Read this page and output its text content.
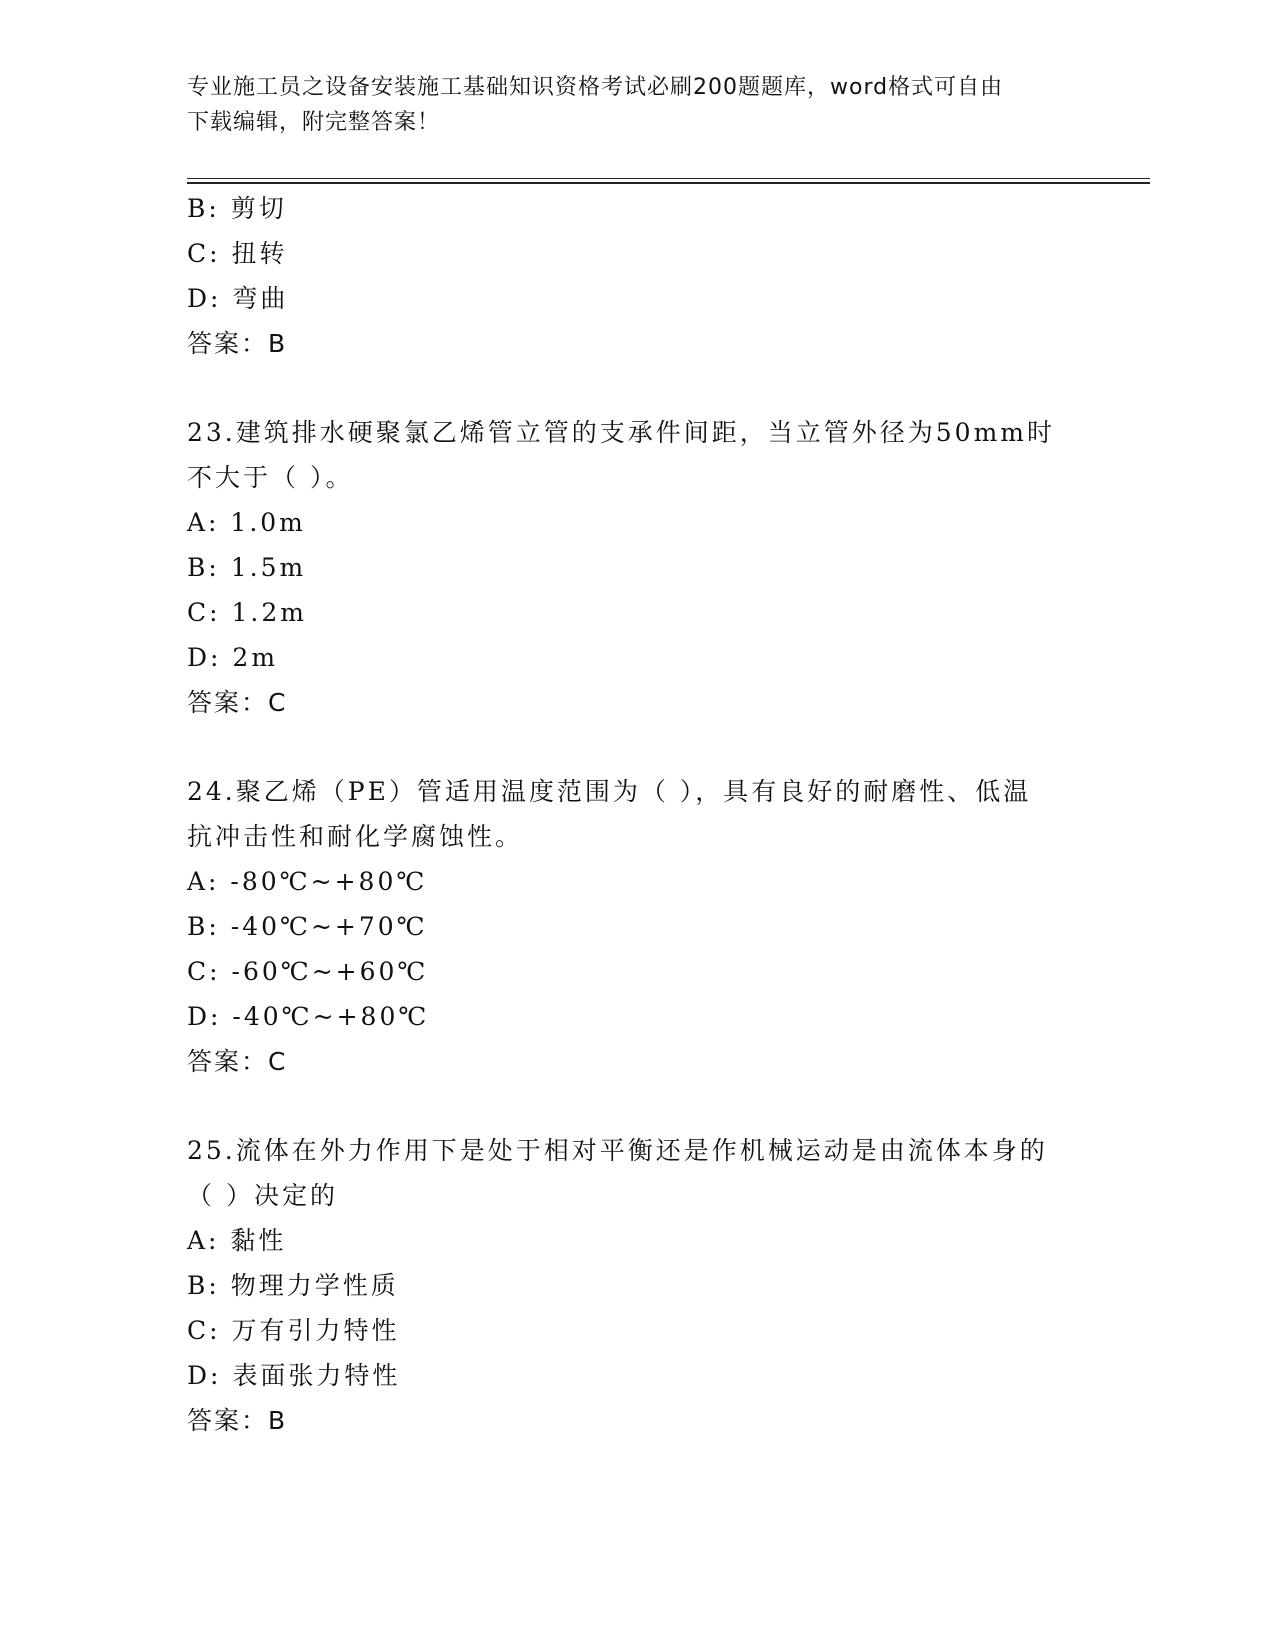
专业施工员之设备安装施工基础知识资格考试必刷200题题库，word格式可自由
下载编辑，附完整答案！
B: 剪切
C: 扭转
D: 弯曲
答案：B
23.建筑排水硬聚氯乙烯管立管的支承件间距，当立管外径为50mm时
不大于（ ）。
A: 1.0m
B: 1.5m
C: 1.2m
D: 2m
答案：C
24.聚乙烯（PE）管适用温度范围为（ ），具有良好的耐磨性、低温
抗冲击性和耐化学腐蚀性。
A: -80℃~+80℃
B: -40℃~+70℃
C: -60℃~+60℃
D: -40℃~+80℃
答案：C
25.流体在外力作用下是处于相对平衡还是作机械运动是由流体本身的
（ ）决定的
A: 黏性
B: 物理力学性质
C: 万有引力特性
D: 表面张力特性
答案：B
